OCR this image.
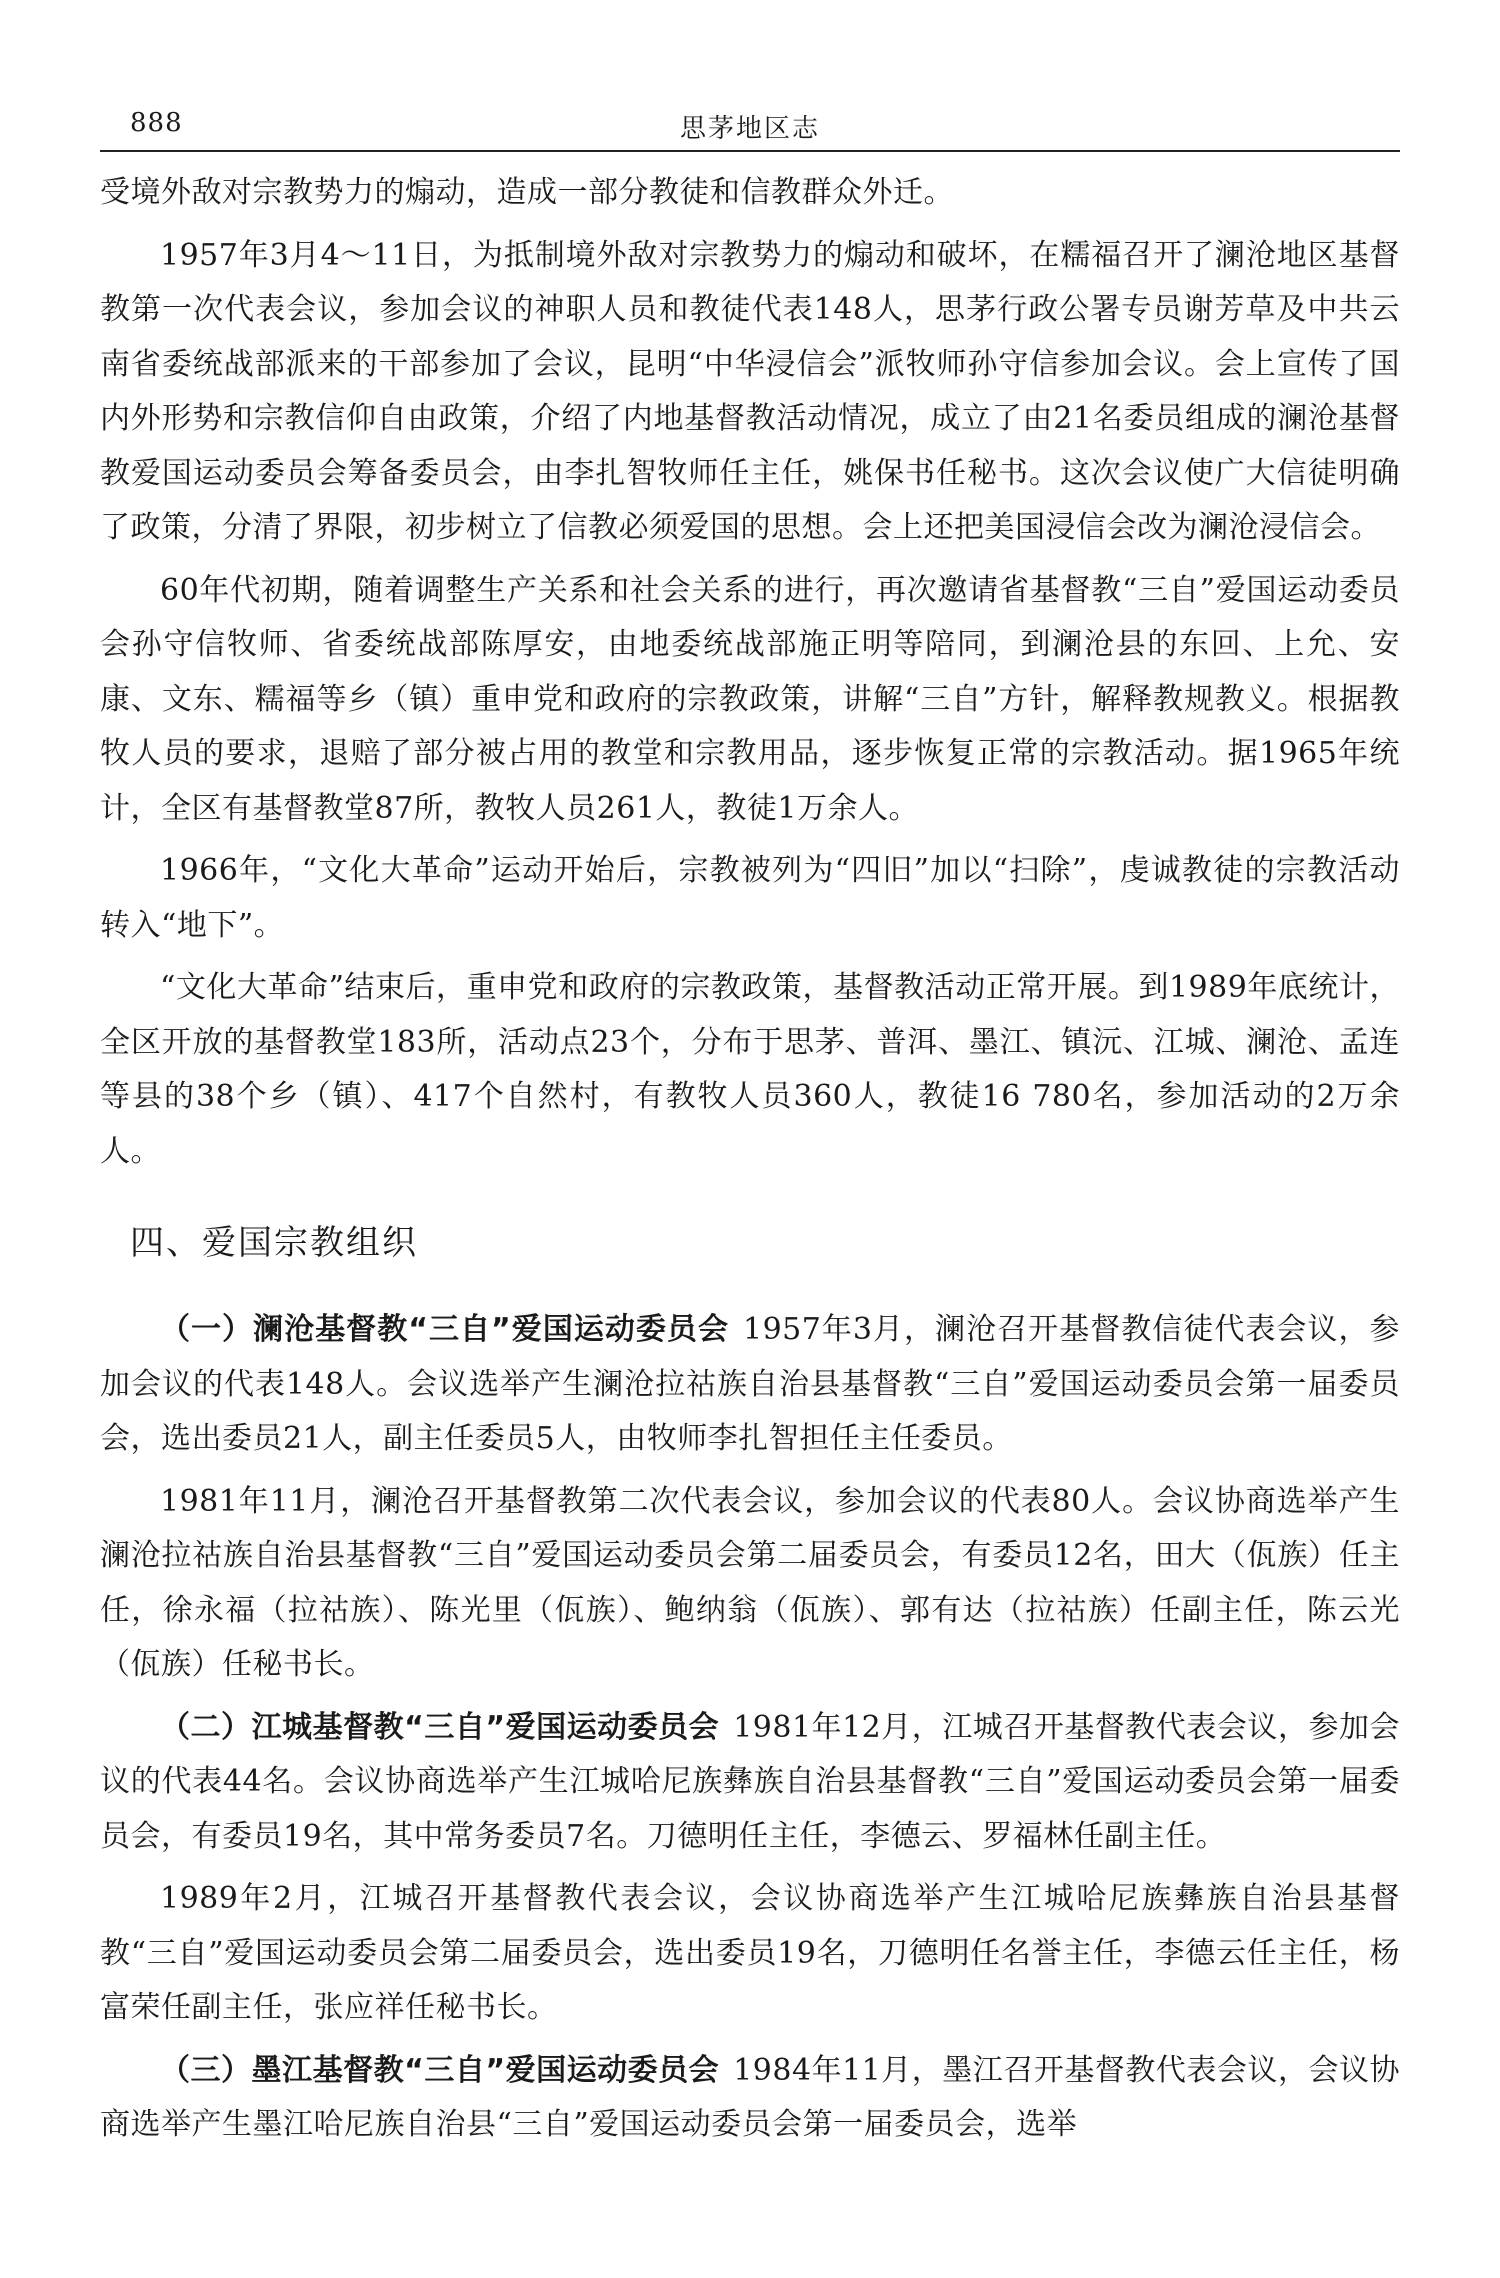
888	思茅地区志

受境外敌对宗教势力的煽动，造成一部分教徒和信教群众外迁。

1957年3月4～11日，为抵制境外敌对宗教势力的煽动和破坏，在糯福召开了澜沧地区基督教第一次代表会议，参加会议的神职人员和教徒代表148人，思茅行政公署专员谢芳草及中共云南省委统战部派来的干部参加了会议，昆明“中华浸信会”派牧师孙守信参加会议。会上宣传了国内外形势和宗教信仰自由政策，介绍了内地基督教活动情况，成立了由21名委员组成的澜沧基督教爱国运动委员会筹备委员会，由李扎智牧师任主任，姚保书任秘书。这次会议使广大信徒明确了政策，分清了界限，初步树立了信教必须爱国的思想。会上还把美国浸信会改为澜沧浸信会。

60年代初期，随着调整生产关系和社会关系的进行，再次邀请省基督教“三自”爱国运动委员会孙守信牧师、省委统战部陈厚安，由地委统战部施正明等陪同，到澜沧县的东回、上允、安康、文东、糯福等乡（镇）重申党和政府的宗教政策，讲解“三自”方针，解释教规教义。根据教牧人员的要求，退赔了部分被占用的教堂和宗教用品，逐步恢复正常的宗教活动。据1965年统计，全区有基督教堂87所，教牧人员261人，教徒1万余人。

1966年，“文化大革命”运动开始后，宗教被列为“四旧”加以“扫除”，虔诚教徒的宗教活动转入“地下”。

“文化大革命”结束后，重申党和政府的宗教政策，基督教活动正常开展。到1989年底统计，全区开放的基督教堂183所，活动点23个，分布于思茅、普洱、墨江、镇沅、江城、澜沧、孟连等县的38个乡（镇）、417个自然村，有教牧人员360人，教徒16 780名，参加活动的2万余人。

四、爱国宗教组织

（一）澜沧基督教“三自”爱国运动委员会 1957年3月，澜沧召开基督教信徒代表会议，参加会议的代表148人。会议选举产生澜沧拉祜族自治县基督教“三自”爱国运动委员会第一届委员会，选出委员21人，副主任委员5人，由牧师李扎智担任主任委员。

1981年11月，澜沧召开基督教第二次代表会议，参加会议的代表80人。会议协商选举产生澜沧拉祜族自治县基督教“三自”爱国运动委员会第二届委员会，有委员12名，田大（佤族）任主任，徐永福（拉祜族）、陈光里（佤族）、鲍纳翁（佤族）、郭有达（拉祜族）任副主任，陈云光（佤族）任秘书长。

（二）江城基督教“三自”爱国运动委员会 1981年12月，江城召开基督教代表会议，参加会议的代表44名。会议协商选举产生江城哈尼族彝族自治县基督教“三自”爱国运动委员会第一届委员会，有委员19名，其中常务委员7名。刀德明任主任，李德云、罗福林任副主任。

1989年2月，江城召开基督教代表会议，会议协商选举产生江城哈尼族彝族自治县基督教“三自”爱国运动委员会第二届委员会，选出委员19名，刀德明任名誉主任，李德云任主任，杨富荣任副主任，张应祥任秘书长。

（三）墨江基督教“三自”爱国运动委员会 1984年11月，墨江召开基督教代表会议，会议协商选举产生墨江哈尼族自治县“三自”爱国运动委员会第一届委员会，选举
